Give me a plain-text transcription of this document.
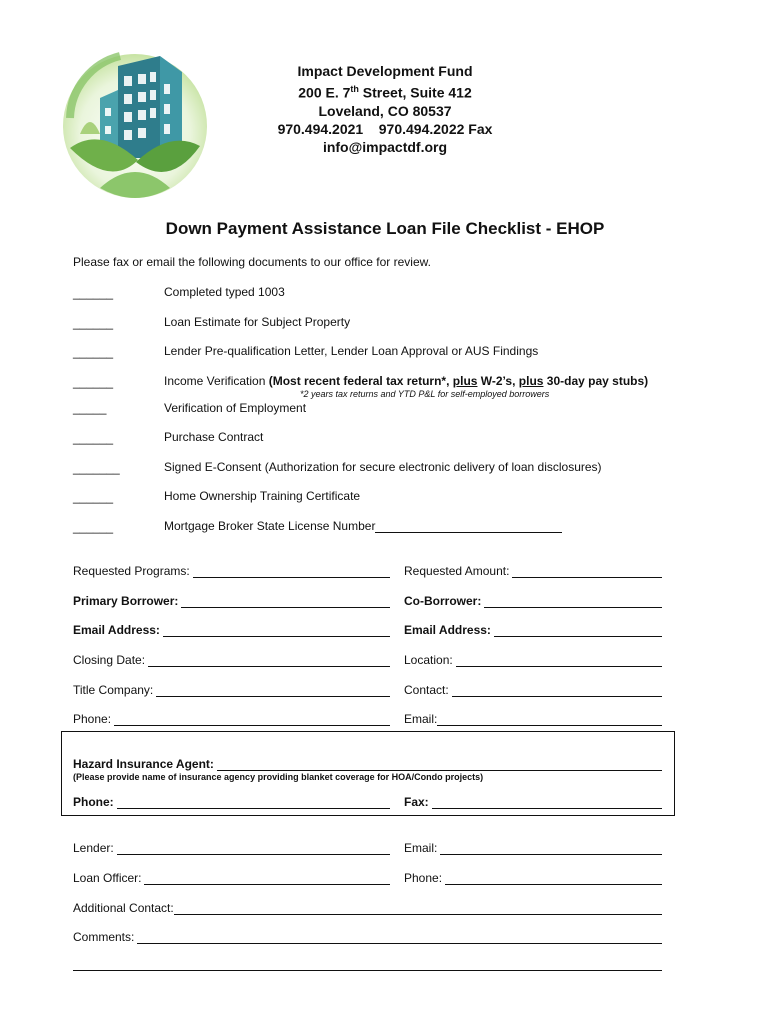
Impact Development Fund
200 E. 7th Street, Suite 412
Loveland, CO 80537
970.494.2021    970.494.2022 Fax
info@impactdf.org
Down Payment Assistance Loan File Checklist - EHOP
Please fax or email the following documents to our office for review.
______	Completed typed 1003
______	Loan Estimate for Subject Property
______	Lender Pre-qualification Letter, Lender Loan Approval or AUS Findings
______	Income Verification (Most recent federal tax return*, plus W-2’s, plus 30-day pay stubs)
*2 years tax returns and YTD P&L for self-employed borrowers
_____	Verification of Employment
______	Purchase Contract
_______	Signed E-Consent (Authorization for secure electronic delivery of loan disclosures)
______	Home Ownership Training Certificate
______	Mortgage Broker State License Number
Requested Programs:	Requested Amount:
Primary Borrower:	Co-Borrower:
Email Address:	Email Address:
Closing Date:	Location:
Title Company:	Contact:
Phone:	Email:
Hazard Insurance Agent:
(Please provide name of insurance agency providing blanket coverage for HOA/Condo projects)
Phone:	Fax:
Lender:	Email:
Loan Officer:	Phone:
Additional Contact:
Comments:
